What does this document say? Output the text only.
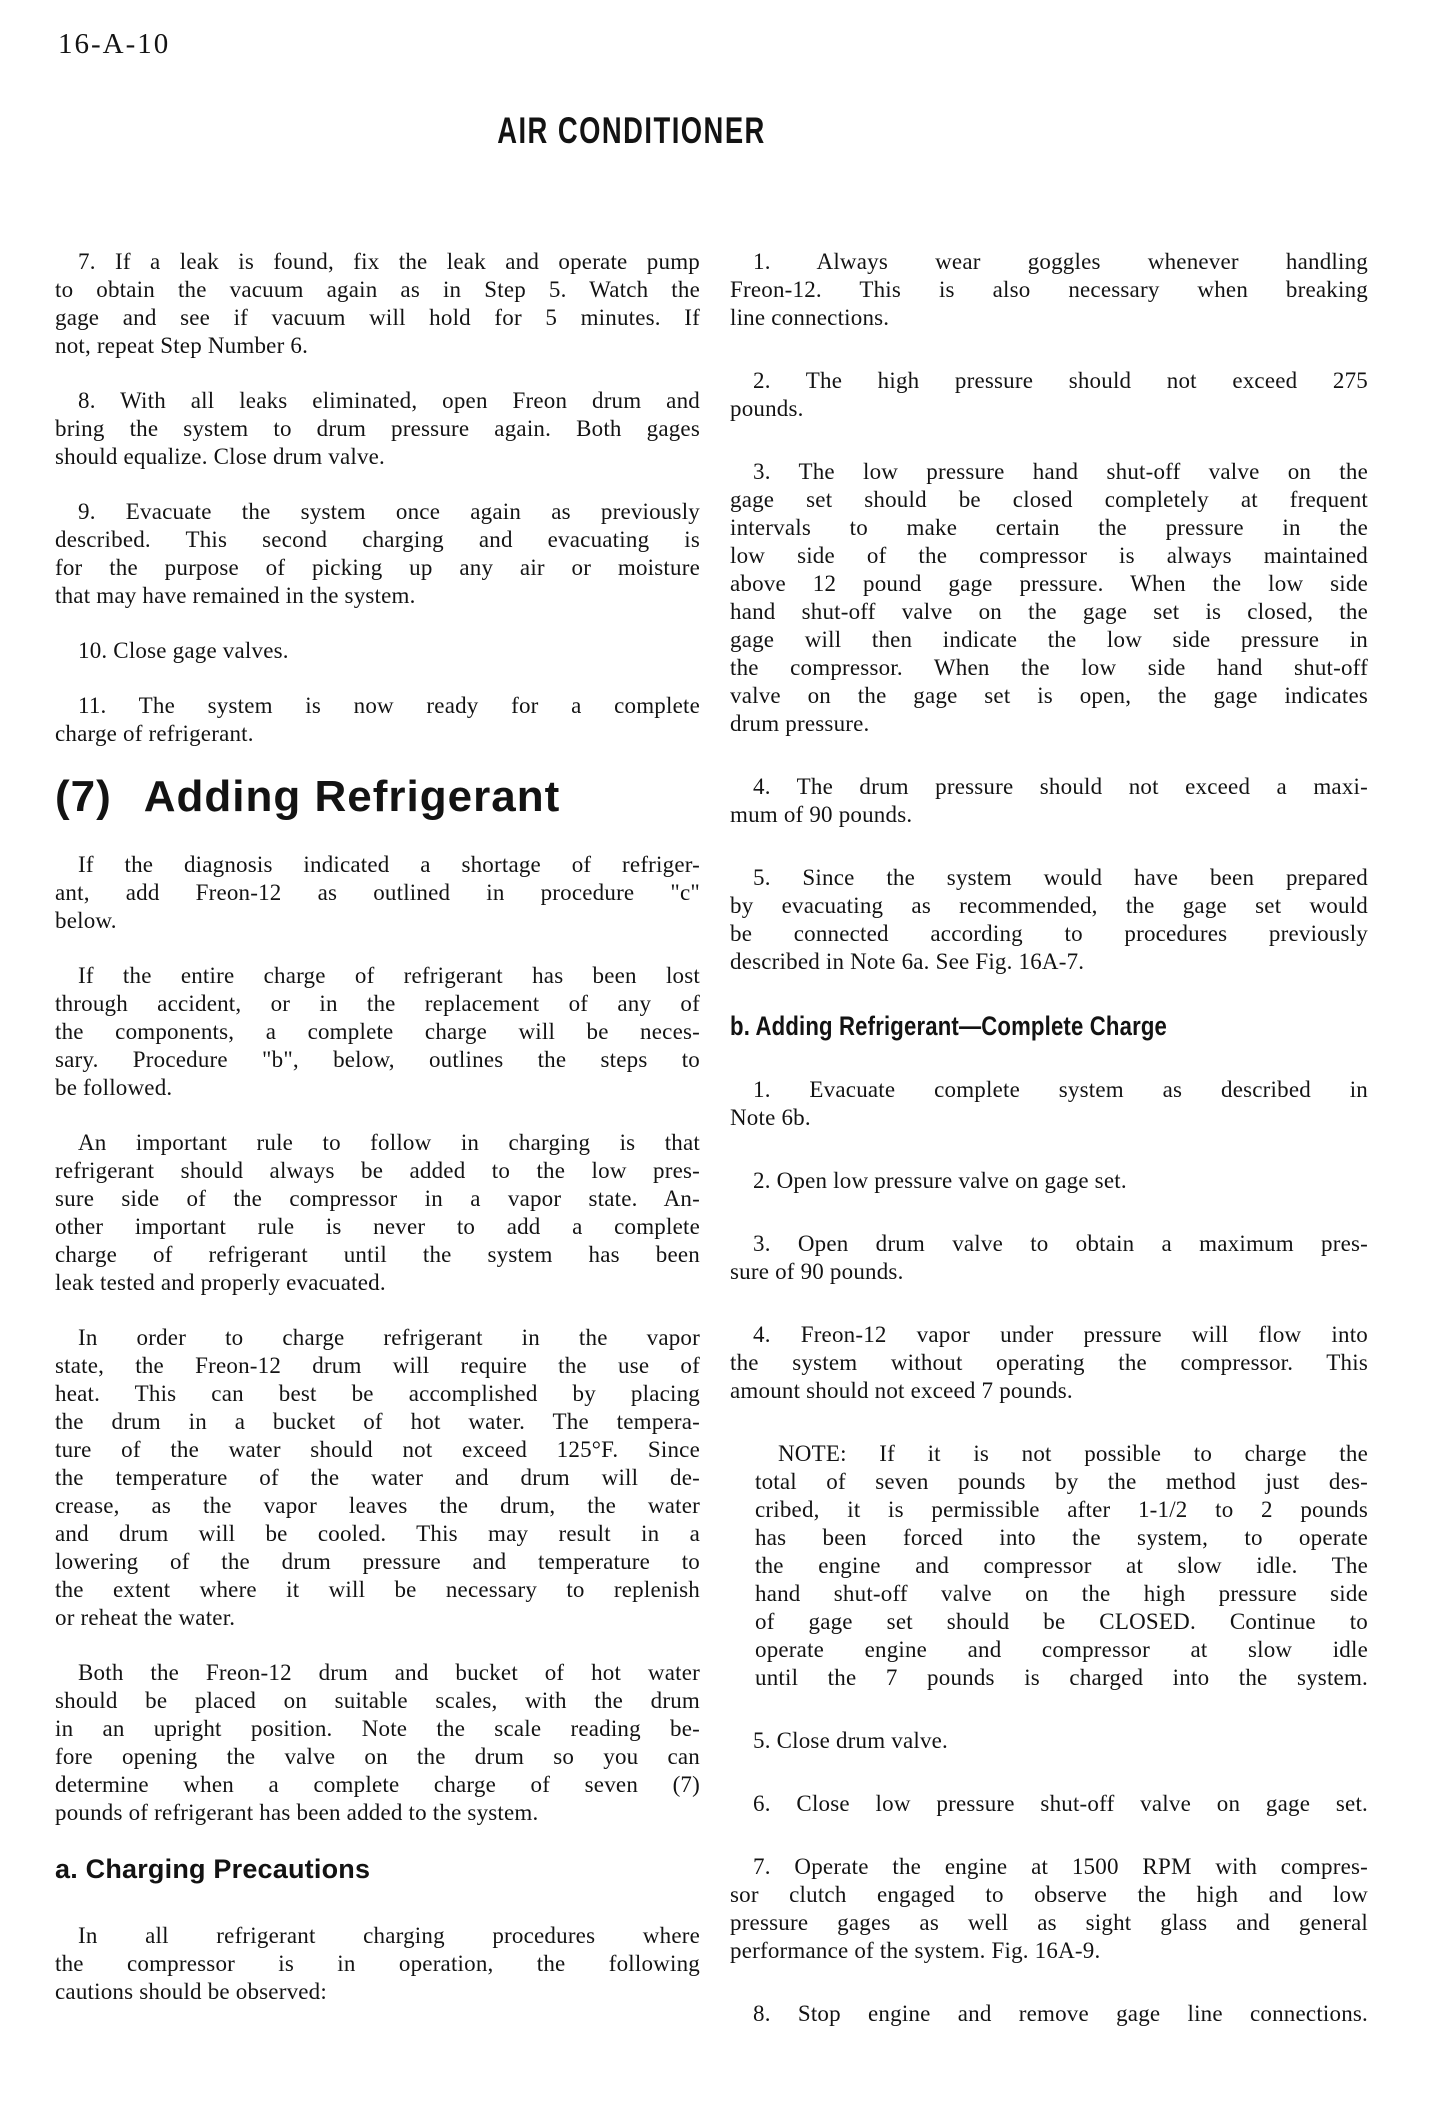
16-A-10
AIR CONDITIONER
7. If a leak is found, fix the leak and operate pump
to obtain the vacuum again as in Step 5. Watch the
gage and see if vacuum will hold for 5 minutes. If
not, repeat Step Number 6.
8. With all leaks eliminated, open Freon drum and
bring the system to drum pressure again. Both gages
should equalize. Close drum valve.
9. Evacuate the system once again as previously
described. This second charging and evacuating is
for the purpose of picking up any air or moisture
that may have remained in the system.
10. Close gage valves.
11. The system is now ready for a complete
charge of refrigerant.
(7) Adding Refrigerant
If the diagnosis indicated a shortage of refriger-
ant, add Freon-12 as outlined in procedure "c"
below.
If the entire charge of refrigerant has been lost
through accident, or in the replacement of any of
the components, a complete charge will be neces-
sary. Procedure "b", below, outlines the steps to
be followed.
An important rule to follow in charging is that
refrigerant should always be added to the low pres-
sure side of the compressor in a vapor state. An-
other important rule is never to add a complete
charge of refrigerant until the system has been
leak tested and properly evacuated.
In order to charge refrigerant in the vapor
state, the Freon-12 drum will require the use of
heat. This can best be accomplished by placing
the drum in a bucket of hot water. The tempera-
ture of the water should not exceed 125°F. Since
the temperature of the water and drum will de-
crease, as the vapor leaves the drum, the water
and drum will be cooled. This may result in a
lowering of the drum pressure and temperature to
the extent where it will be necessary to replenish
or reheat the water.
Both the Freon-12 drum and bucket of hot water
should be placed on suitable scales, with the drum
in an upright position. Note the scale reading be-
fore opening the valve on the drum so you can
determine when a complete charge of seven (7)
pounds of refrigerant has been added to the system.
a. Charging Precautions
In all refrigerant charging procedures where
the compressor is in operation, the following
cautions should be observed:
1. Always wear goggles whenever handling
Freon-12. This is also necessary when breaking
line connections.
2. The high pressure should not exceed 275
pounds.
3. The low pressure hand shut-off valve on the
gage set should be closed completely at frequent
intervals to make certain the pressure in the
low side of the compressor is always maintained
above 12 pound gage pressure. When the low side
hand shut-off valve on the gage set is closed, the
gage will then indicate the low side pressure in
the compressor. When the low side hand shut-off
valve on the gage set is open, the gage indicates
drum pressure.
4. The drum pressure should not exceed a maxi-
mum of 90 pounds.
5. Since the system would have been prepared
by evacuating as recommended, the gage set would
be connected according to procedures previously
described in Note 6a. See Fig. 16A-7.
b. Adding Refrigerant—Complete Charge
1. Evacuate complete system as described in
Note 6b.
2. Open low pressure valve on gage set.
3. Open drum valve to obtain a maximum pres-
sure of 90 pounds.
4. Freon-12 vapor under pressure will flow into
the system without operating the compressor. This
amount should not exceed 7 pounds.
NOTE: If it is not possible to charge the
total of seven pounds by the method just des-
cribed, it is permissible after 1-1/2 to 2 pounds
has been forced into the system, to operate
the engine and compressor at slow idle. The
hand shut-off valve on the high pressure side
of gage set should be CLOSED. Continue to
operate engine and compressor at slow idle
until the 7 pounds is charged into the system.
5. Close drum valve.
6. Close low pressure shut-off valve on gage set.
7. Operate the engine at 1500 RPM with compres-
sor clutch engaged to observe the high and low
pressure gages as well as sight glass and general
performance of the system. Fig. 16A-9.
8. Stop engine and remove gage line connections.
